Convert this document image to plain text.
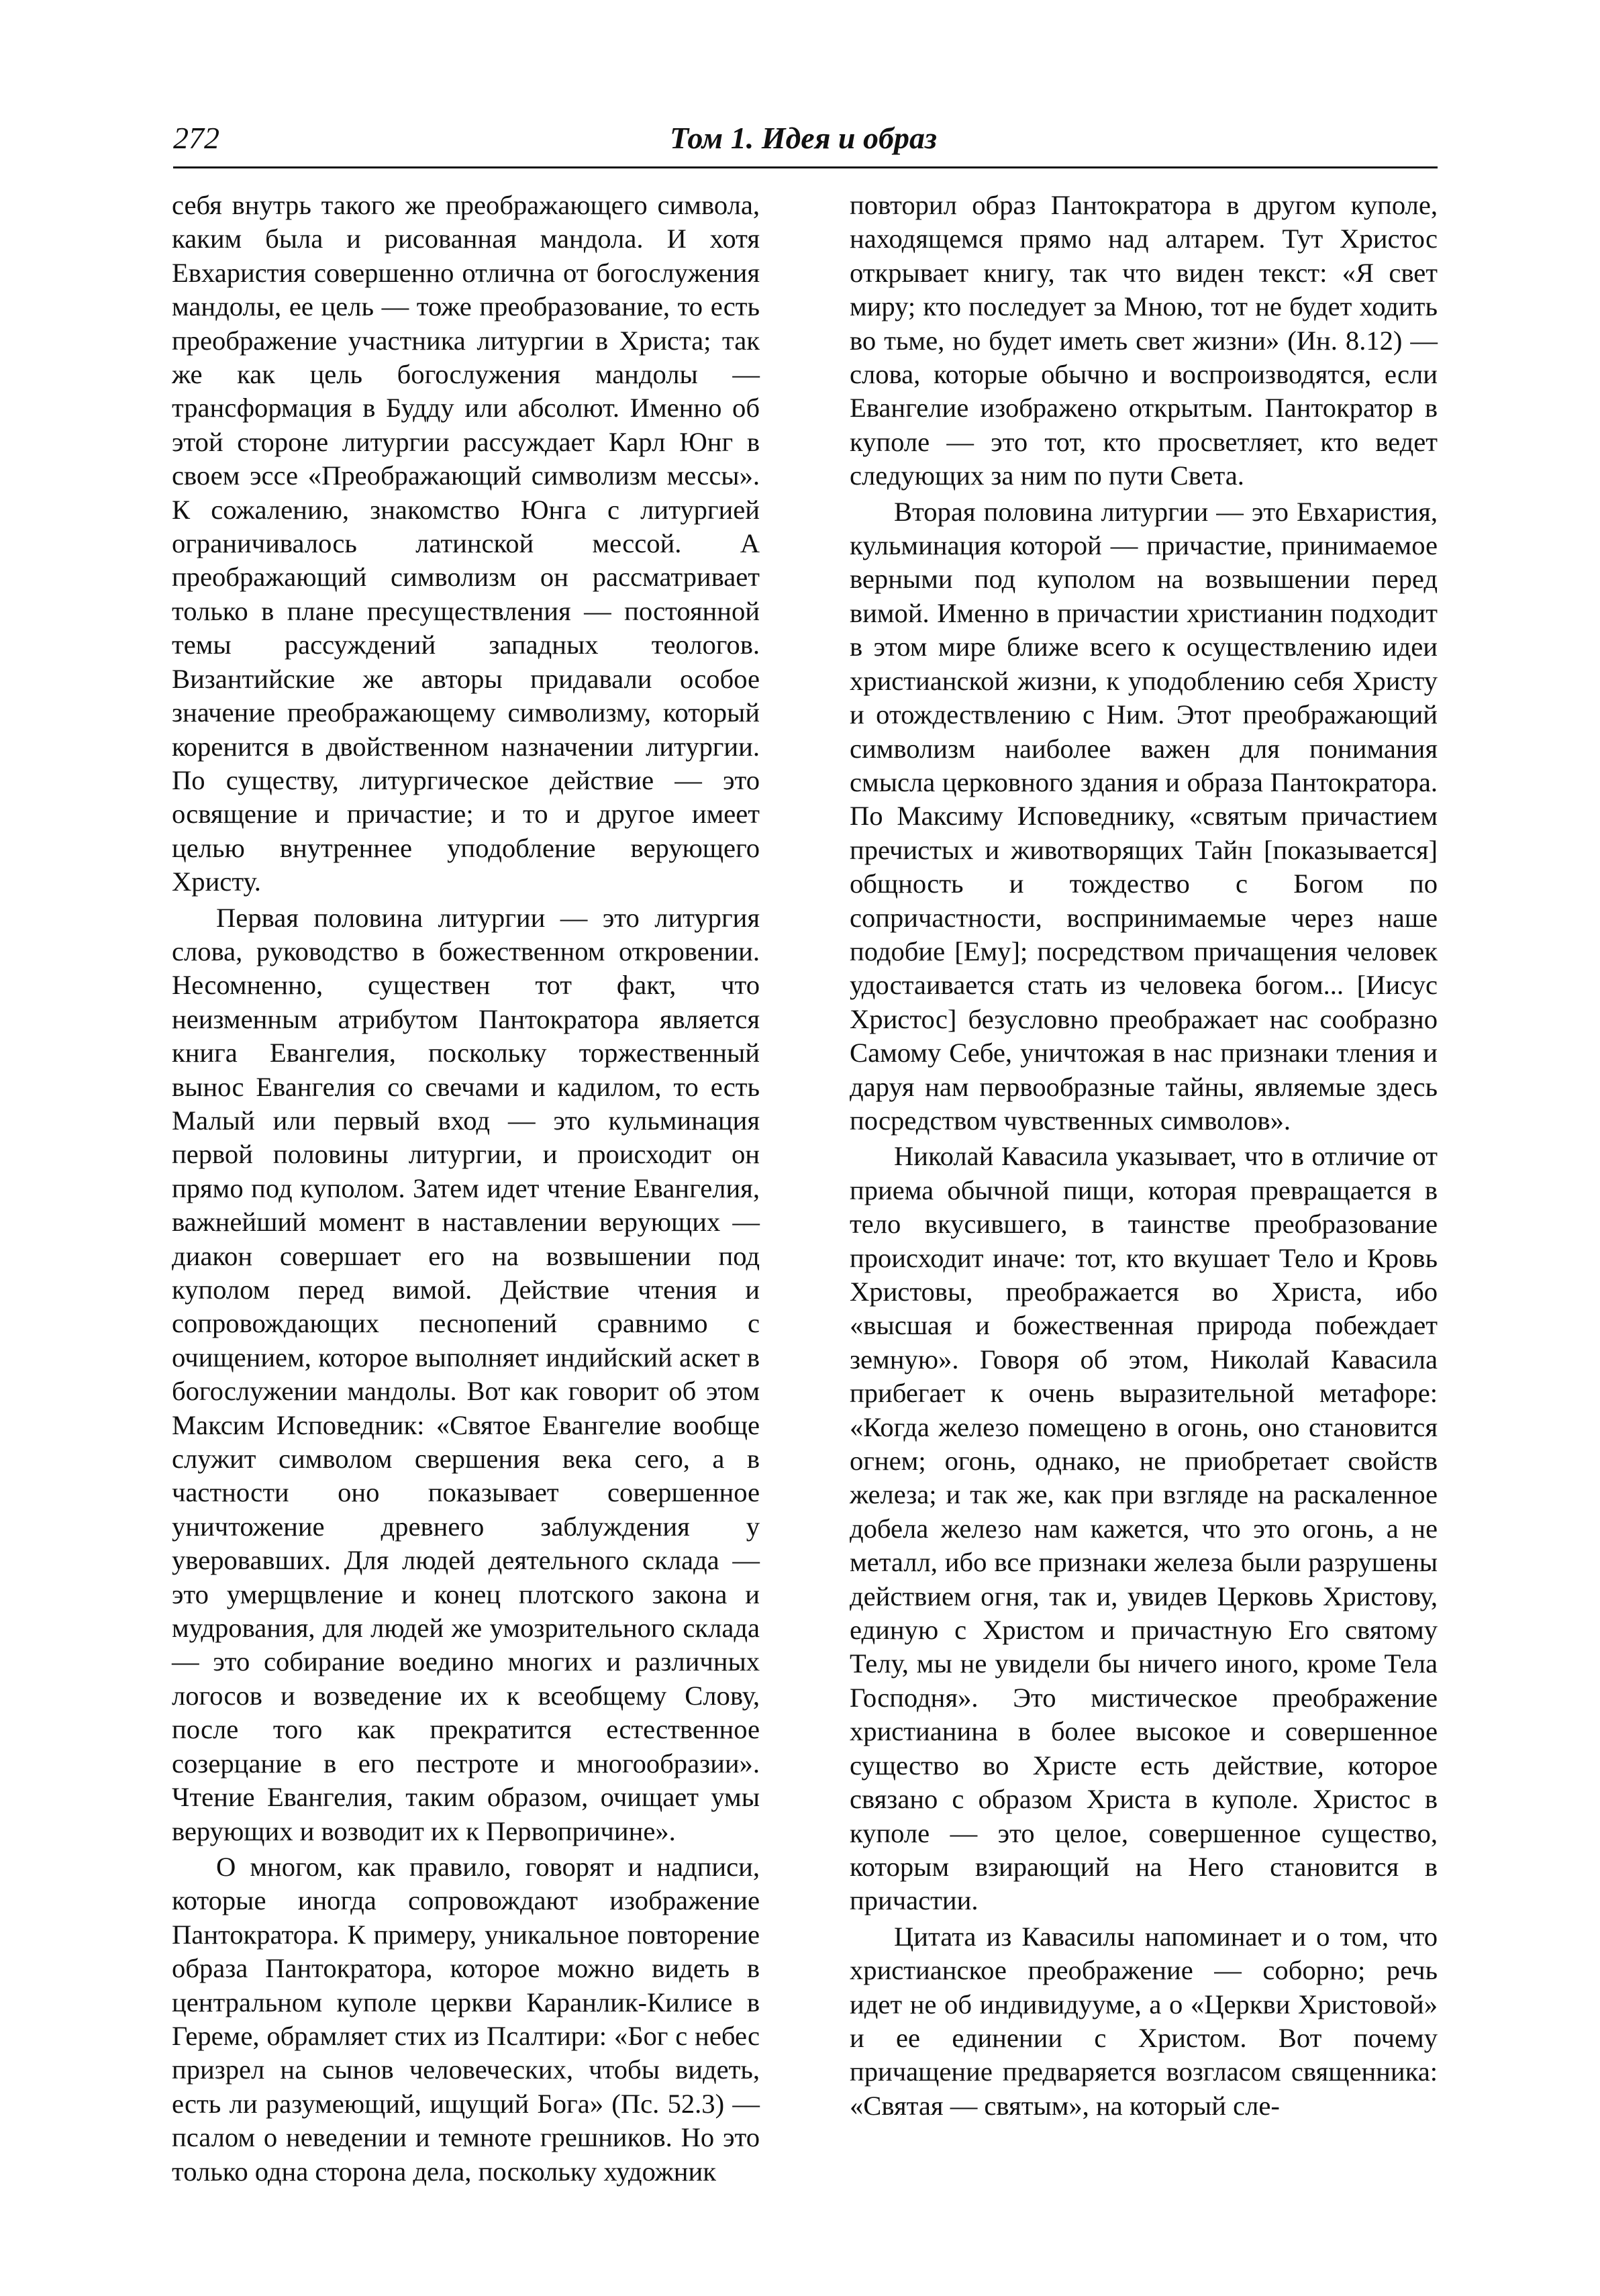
272	Том 1. Идея и образ

себя внутрь такого же преображающего символа, каким была и рисованная мандола. И хотя Евхаристия совершенно отлична от богослужения мандолы, ее цель — тоже преобразование, то есть преображение участника литургии в Христа; так же как цель богослужения мандолы — трансформация в Будду или абсолют. Именно об этой стороне литургии рассуждает Карл Юнг в своем эссе «Преображающий символизм мессы». К сожалению, знакомство Юнга с литургией ограничивалось латинской мессой. А преображающий символизм он рассматривает только в плане пресуществления — постоянной темы рассуждений западных теологов. Византийские же авторы придавали особое значение преображающему символизму, который коренится в двойственном назначении литургии. По существу, литургическое действие — это освящение и причастие; и то и другое имеет целью внутреннее уподобление верующего Христу.

Первая половина литургии — это литургия слова, руководство в божественном откровении. Несомненно, существен тот факт, что неизменным атрибутом Пантократора является книга Евангелия, поскольку торжественный вынос Евангелия со свечами и кадилом, то есть Малый или первый вход — это кульминация первой половины литургии, и происходит он прямо под куполом. Затем идет чтение Евангелия, важнейший момент в наставлении верующих — диакон совершает его на возвышении под куполом перед вимой. Действие чтения и сопровождающих песнопений сравнимо с очищением, которое выполняет индийский аскет в богослужении мандолы. Вот как говорит об этом Максим Исповедник: «Святое Евангелие вообще служит символом свершения века сего, а в частности оно показывает совершенное уничтожение древнего заблуждения у уверовавших. Для людей деятельного склада — это умерщвление и конец плотского закона и мудрования, для людей же умозрительного склада — это собирание воедино многих и различных логосов и возведение их к всеобщему Слову, после того как прекратится естественное созерцание в его пестроте и многообразии». Чтение Евангелия, таким образом, очищает умы верующих и возводит их к Первопричине».

О многом, как правило, говорят и надписи, которые иногда сопровождают изображение Пантократора. К примеру, уникальное повторение образа Пантократора, которое можно видеть в центральном куполе церкви Каранлик-Килисе в Гереме, обрамляет стих из Псалтири: «Бог с небес призрел на сынов человеческих, чтобы видеть, есть ли разумеющий, ищущий Бога» (Пс. 52.3) — псалом о неведении и темноте грешников. Но это только одна сторона дела, поскольку художник

повторил образ Пантократора в другом куполе, находящемся прямо над алтарем. Тут Христос открывает книгу, так что виден текст: «Я свет миру; кто последует за Мною, тот не будет ходить во тьме, но будет иметь свет жизни» (Ин. 8.12) — слова, которые обычно и воспроизводятся, если Евангелие изображено открытым. Пантократор в куполе — это тот, кто просветляет, кто ведет следующих за ним по пути Света.

Вторая половина литургии — это Евхаристия, кульминация которой — причастие, принимаемое верными под куполом на возвышении перед вимой. Именно в причастии христианин подходит в этом мире ближе всего к осуществлению идеи христианской жизни, к уподоблению себя Христу и отождествлению с Ним. Этот преображающий символизм наиболее важен для понимания смысла церковного здания и образа Пантократора. По Максиму Исповеднику, «святым причастием пречистых и животворящих Тайн [показывается] общность и тождество с Богом по сопричастности, воспринимаемые через наше подобие [Ему]; посредством причащения человек удостаивается стать из человека богом... [Иисус Христос] безусловно преображает нас сообразно Самому Себе, уничтожая в нас признаки тления и даруя нам первообразные тайны, являемые здесь посредством чувственных символов».

Николай Кавасила указывает, что в отличие от приема обычной пищи, которая превращается в тело вкусившего, в таинстве преобразование происходит иначе: тот, кто вкушает Тело и Кровь Христовы, преображается во Христа, ибо «высшая и божественная природа побеждает земную». Говоря об этом, Николай Кавасила прибегает к очень выразительной метафоре: «Когда железо помещено в огонь, оно становится огнем; огонь, однако, не приобретает свойств железа; и так же, как при взгляде на раскаленное добела железо нам кажется, что это огонь, а не металл, ибо все признаки железа были разрушены действием огня, так и, увидев Церковь Христову, единую с Христом и причастную Его святому Телу, мы не увидели бы ничего иного, кроме Тела Господня». Это мистическое преображение христианина в более высокое и совершенное существо во Христе есть действие, которое связано с образом Христа в куполе. Христос в куполе — это целое, совершенное существо, которым взирающий на Него становится в причастии.

Цитата из Кавасилы напоминает и о том, что христианское преображение — соборно; речь идет не об индивидууме, а о «Церкви Христовой» и ее единении с Христом. Вот почему причащение предваряется возгласом священника: «Святая — святым», на который сле-
